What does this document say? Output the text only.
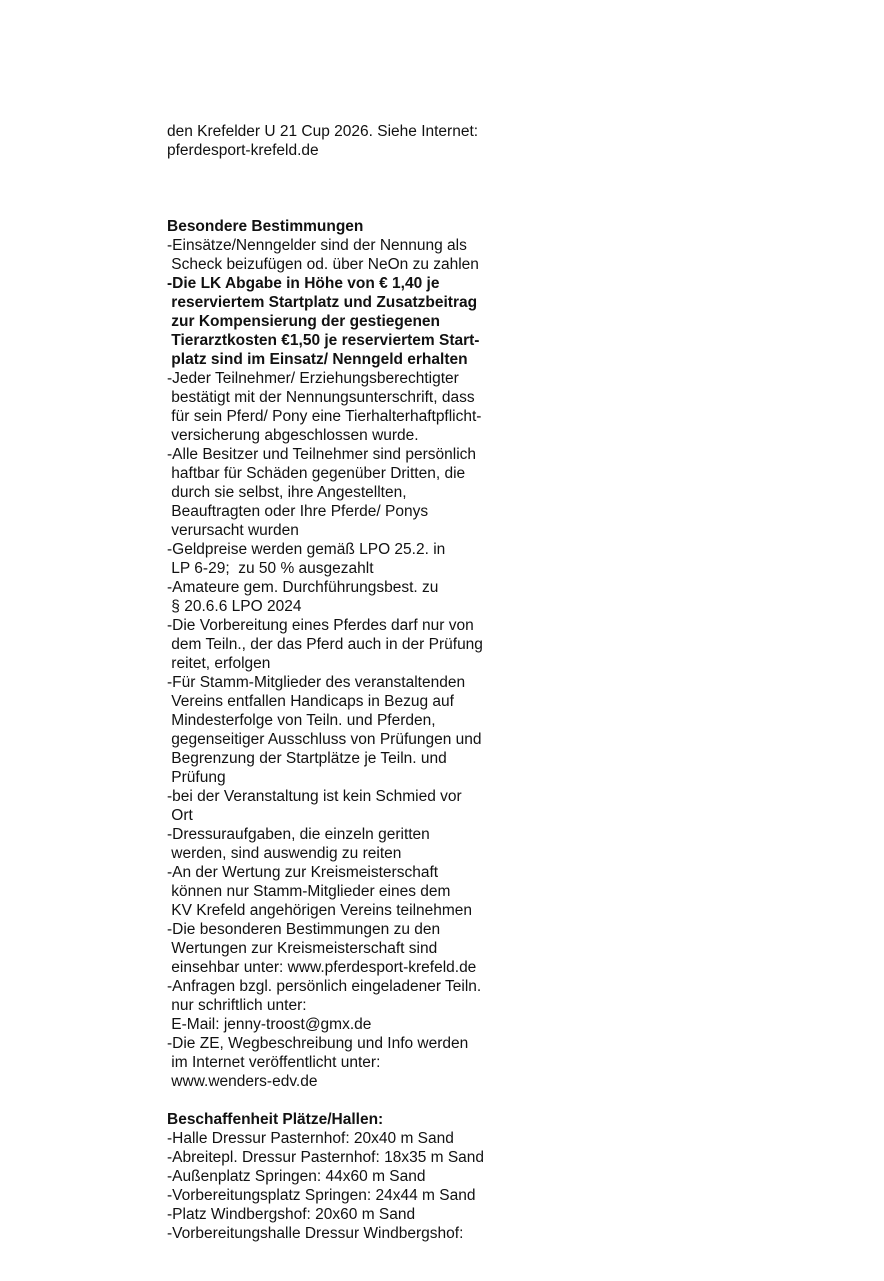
den Krefelder U 21 Cup 2026. Siehe Internet:
pferdesport-krefeld.de

Besondere Bestimmungen
-Einsätze/Nenngelder sind der Nennung als
Scheck beizufügen od. über NeOn zu zahlen
-Die LK Abgabe in Höhe von € 1,40 je
reserviertem Startplatz und Zusatzbeitrag
zur Kompensierung der gestiegenen
Tierarztkosten €1,50 je reserviertem Start-
platz sind im Einsatz/ Nenngeld erhalten
-Jeder Teilnehmer/ Erziehungsberechtigter
bestätigt mit der Nennungsunterschrift, dass
für sein Pferd/ Pony eine Tierhalterhaftpflicht-
versicherung abgeschlossen wurde.
-Alle Besitzer und Teilnehmer sind persönlich
haftbar für Schäden gegenüber Dritten, die
durch sie selbst, ihre Angestellten,
Beauftragten oder Ihre Pferde/ Ponys
verursacht wurden
-Geldpreise werden gemäß LPO 25.2. in
LP 6-29;  zu 50 % ausgezahlt
-Amateure gem. Durchführungsbest. zu
§ 20.6.6 LPO 2024
-Die Vorbereitung eines Pferdes darf nur von
dem Teiln., der das Pferd auch in der Prüfung
reitet, erfolgen
-Für Stamm-Mitglieder des veranstaltenden
Vereins entfallen Handicaps in Bezug auf
Mindesterfolge von Teiln. und Pferden,
gegenseitiger Ausschluss von Prüfungen und
Begrenzung der Startplätze je Teiln. und
Prüfung
-bei der Veranstaltung ist kein Schmied vor
Ort
-Dressuraufgaben, die einzeln geritten
werden, sind auswendig zu reiten
-An der Wertung zur Kreismeisterschaft
können nur Stamm-Mitglieder eines dem
KV Krefeld angehörigen Vereins teilnehmen
-Die besonderen Bestimmungen zu den
Wertungen zur Kreismeisterschaft sind
einsehbar unter: www.pferdesport-krefeld.de
-Anfragen bzgl. persönlich eingeladener Teiln.
nur schriftlich unter:
E-Mail: jenny-troost@gmx.de
-Die ZE, Wegbeschreibung und Info werden
im Internet veröffentlicht unter:
www.wenders-edv.de
Beschaffenheit Plätze/Hallen:
-Halle Dressur Pasternhof: 20x40 m Sand
-Abreitepl. Dressur Pasternhof: 18x35 m Sand
-Außenplatz Springen: 44x60 m Sand
-Vorbereitungsplatz Springen: 24x44 m Sand
-Platz Windbergshof: 20x60 m Sand
-Vorbereitungshalle Dressur Windbergshof:
